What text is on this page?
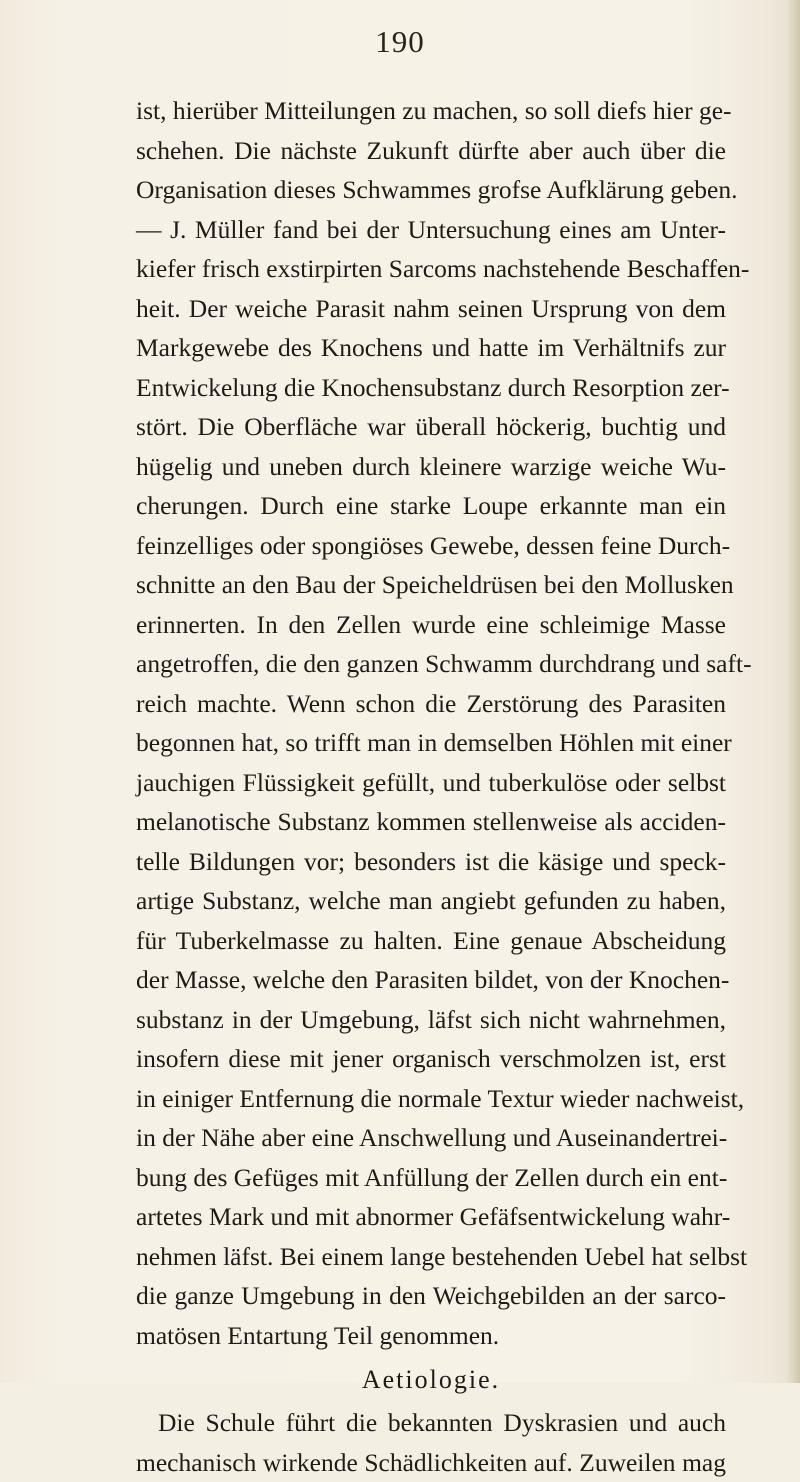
190
ist, hierüber Mitteilungen zu machen, so soll diefs hier ge-
schehen. Die nächste Zukunft dürfte aber auch über die
Organisation dieses Schwammes grofse Aufklärung geben.
— J. Müller fand bei der Untersuchung eines am Unter-
kiefer frisch exstirpirten Sarcoms nachstehende Beschaffen-
heit. Der weiche Parasit nahm seinen Ursprung von dem
Markgewebe des Knochens und hatte im Verhältnifs zur
Entwickelung die Knochensubstanz durch Resorption zer-
stört. Die Oberfläche war überall höckerig, buchtig und
hügelig und uneben durch kleinere warzige weiche Wu-
cherungen. Durch eine starke Loupe erkannte man ein
feinzelliges oder spongiöses Gewebe, dessen feine Durch-
schnitte an den Bau der Speicheldrüsen bei den Mollusken
erinnerten. In den Zellen wurde eine schleimige Masse
angetroffen, die den ganzen Schwamm durchdrang und saft-
reich machte. Wenn schon die Zerstörung des Parasiten
begonnen hat, so trifft man in demselben Höhlen mit einer
jauchigen Flüssigkeit gefüllt, und tuberkulöse oder selbst
melanotische Substanz kommen stellenweise als acciden-
telle Bildungen vor; besonders ist die käsige und speck-
artige Substanz, welche man angiebt gefunden zu haben,
für Tuberkelmasse zu halten. Eine genaue Abscheidung
der Masse, welche den Parasiten bildet, von der Knochen-
substanz in der Umgebung, läfst sich nicht wahrnehmen,
insofern diese mit jener organisch verschmolzen ist, erst
in einiger Entfernung die normale Textur wieder nachweist,
in der Nähe aber eine Anschwellung und Auseinandertrei-
bung des Gefüges mit Anfüllung der Zellen durch ein ent-
artetes Mark und mit abnormer Gefäfsentwickelung wahr-
nehmen läfst. Bei einem lange bestehenden Uebel hat selbst
die ganze Umgebung in den Weichgebilden an der sarco-
matösen Entartung Teil genommen.
Aetiologie.
Die Schule führt die bekannten Dyskrasien und auch
mechanisch wirkende Schädlichkeiten auf. Zuweilen mag
